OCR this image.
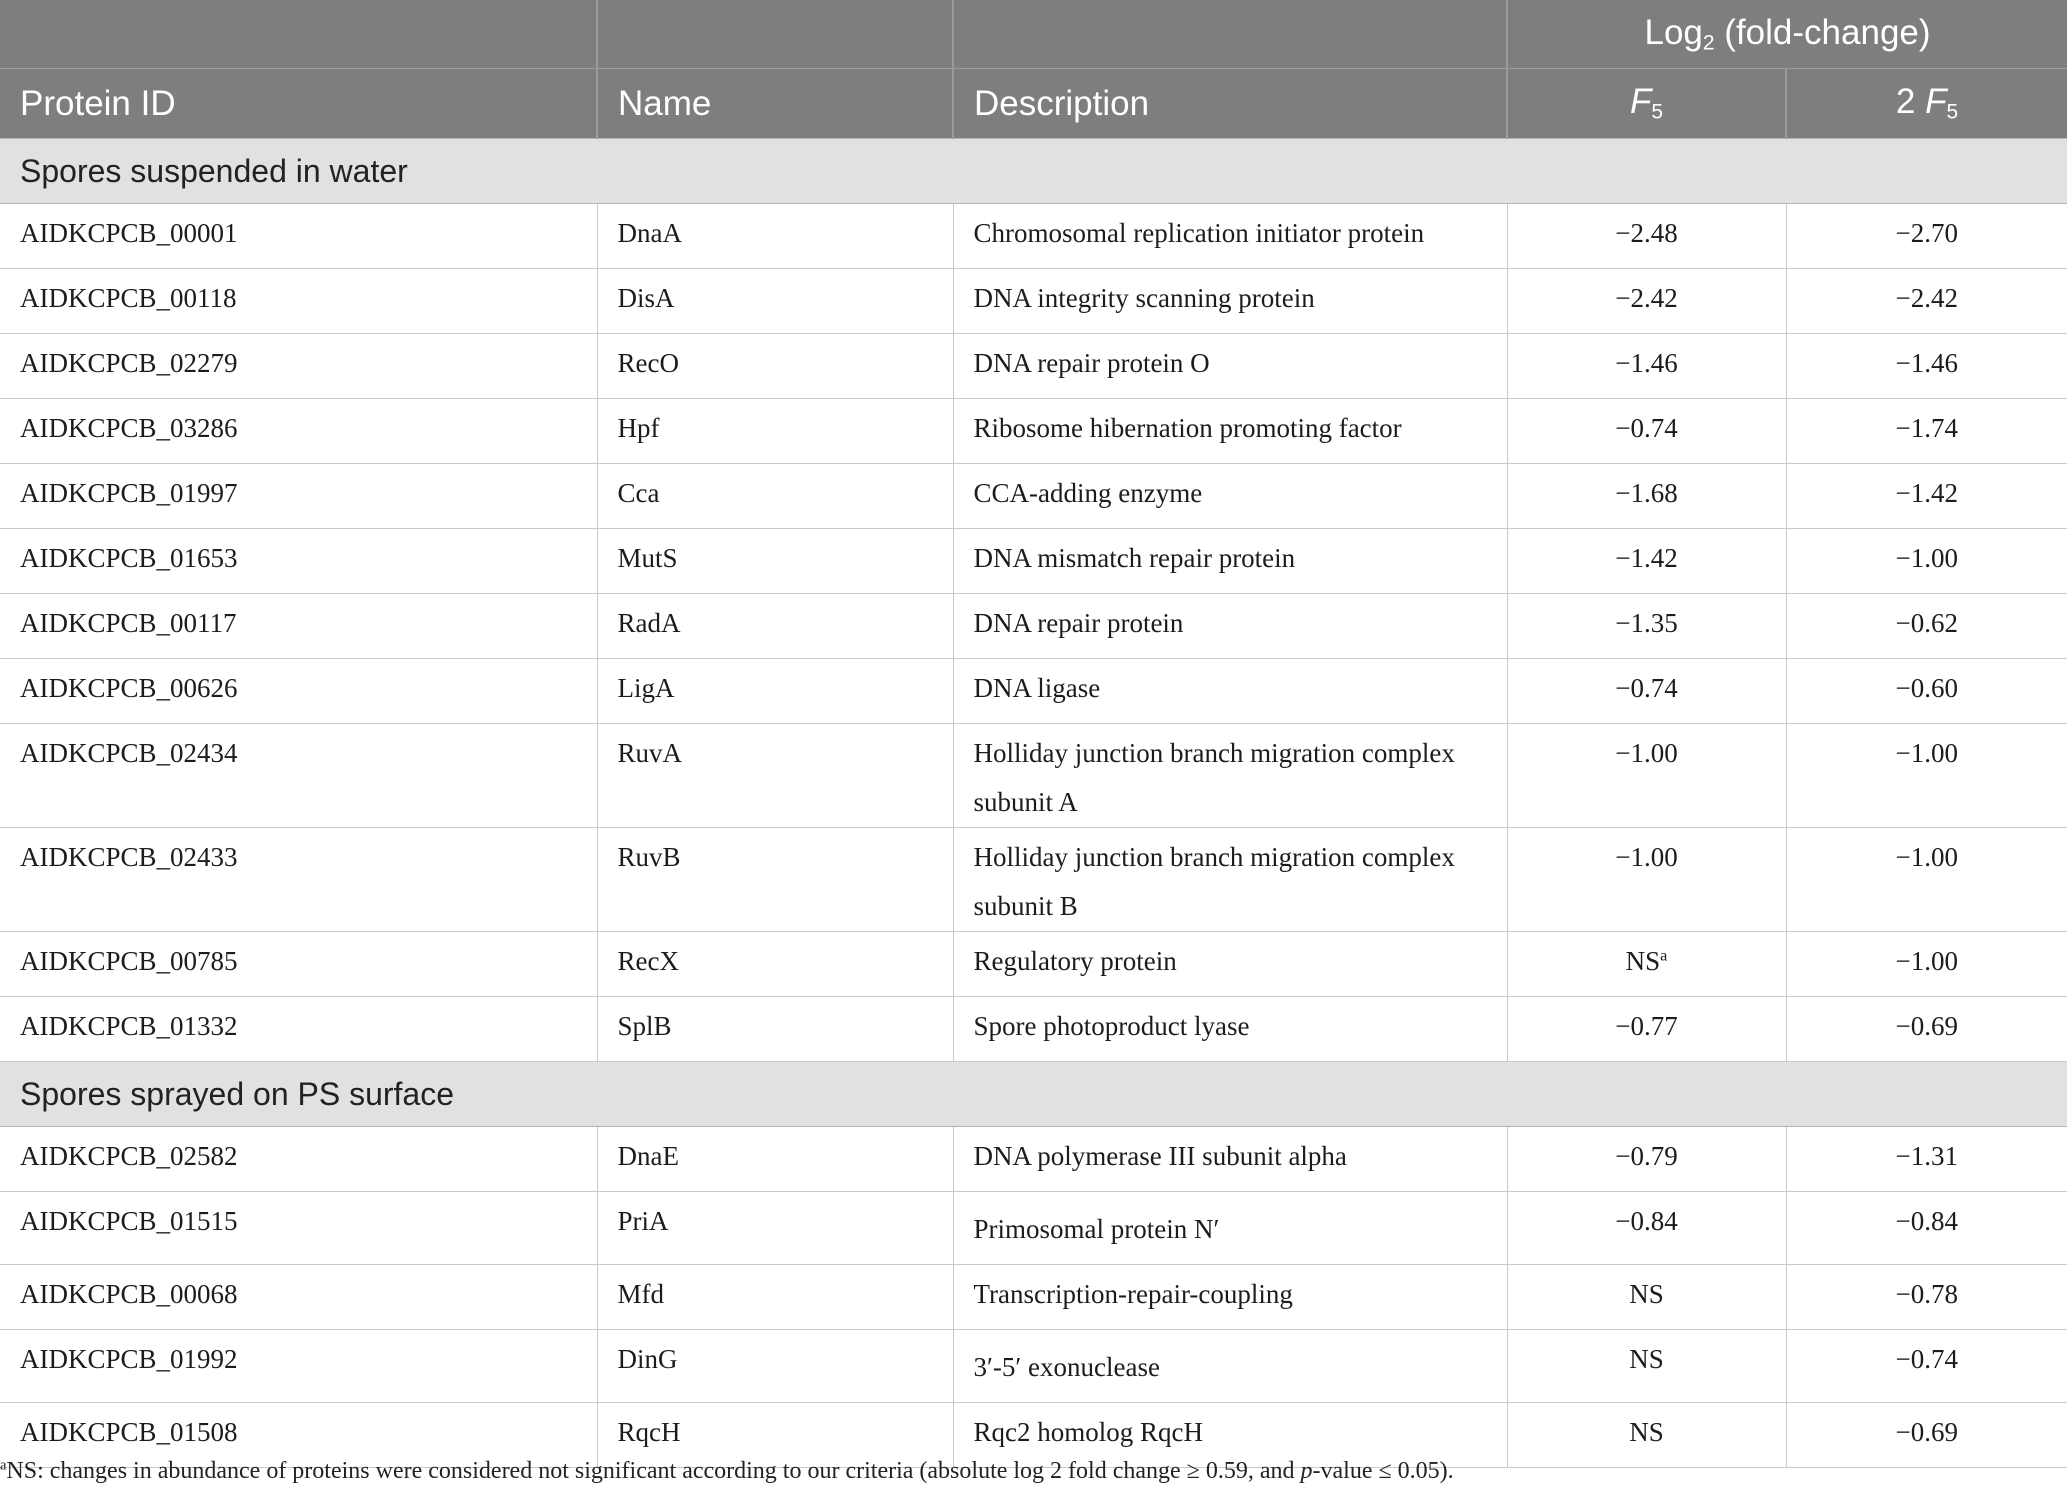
			Log$_2$ (fold-change)	
Protein ID	Name	Description	$F_5$	2 $F_5$
Spores suspended in water				

AIDKCPCB_00001	DnaA	Chromosomal replication initiator protein	−2.48	−2.70

AIDKCPCB_00118	DisA	DNA integrity scanning protein	−2.42	−2.42

AIDKCPCB_02279	RecO	DNA repair protein O	−1.46	−1.46

AIDKCPCB_03286	Hpf	Ribosome hibernation promoting factor	−0.74	−1.74

AIDKCPCB_01997	Cca	CCA-adding enzyme	−1.68	−1.42

AIDKCPCB_01653	MutS	DNA mismatch repair protein	−1.42	−1.00

AIDKCPCB_00117	RadA	DNA repair protein	−1.35	−0.62

AIDKCPCB_00626	LigA	DNA ligase	−0.74	−0.60

AIDKCPCB_02434	RuvA	Holliday junction branch migration complex subunit A	−1.00	−1.00

AIDKCPCB_02433	RuvB	Holliday junction branch migration complex subunit B	−1.00	−1.00

AIDKCPCB_00785	RecX	Regulatory protein	$NS^a$	−1.00

AIDKCPCB_01332	SplB	Spore photoproduct lyase	−0.77	−0.69

Spores sprayed on PS surface				

AIDKCPCB_02582	DnaE	DNA polymerase III subunit alpha	−0.79	−1.31

AIDKCPCB_01515	PriA	Primosomal protein N′	−0.84	−0.84

AIDKCPCB_00068	Mfd	Transcription-repair-coupling	NS	−0.78

AIDKCPCB_01992	DinG	3′-5′ exonuclease	NS	−0.74

AIDKCPCB_01508	RqcH	Rqc2 homolog RqcH	NS	−0.69
$^a$NS: changes in abundance of proteins were considered not significant according to our criteria (absolute log 2 fold change ≥ 0.59, and p-value ≤ 0.05).
